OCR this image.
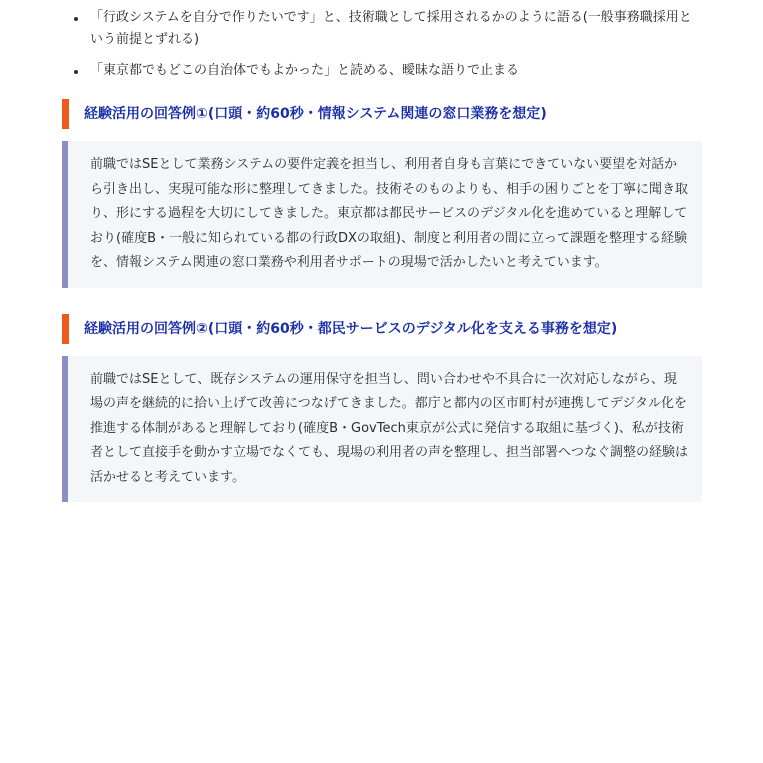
「行政システムを自分で作りたいです」と、技術職として採用されるかのように語る(一般事務職採用という前提とずれる)
「東京都でもどこの自治体でもよかった」と読める、曖昧な語りで止まる
経験活用の回答例①(口頭・約60秒・情報システム関連の窓口業務を想定)

前職ではSEとして業務システムの要件定義を担当し、利用者自身も言葉にできていない要望を対話から引き出し、実現可能な形に整理してきました。技術そのものよりも、相手の困りごとを丁寧に聞き取り、形にする過程を大切にしてきました。東京都は都民サービスのデジタル化を進めていると理解しており(確度B・一般に知られている都の行政DXの取組)、制度と利用者の間に立って課題を整理する経験を、情報システム関連の窓口業務や利用者サポートの現場で活かしたいと考えています。

経験活用の回答例②(口頭・約60秒・都民サービスのデジタル化を支える事務を想定)

前職ではSEとして、既存システムの運用保守を担当し、問い合わせや不具合に一次対応しながら、現場の声を継続的に拾い上げて改善につなげてきました。都庁と都内の区市町村が連携してデジタル化を推進する体制があると理解しており(確度B・GovTech東京が公式に発信する取組に基づく)、私が技術者として直接手を動かす立場でなくても、現場の利用者の声を整理し、担当部署へつなぐ調整の経験は活かせると考えています。
